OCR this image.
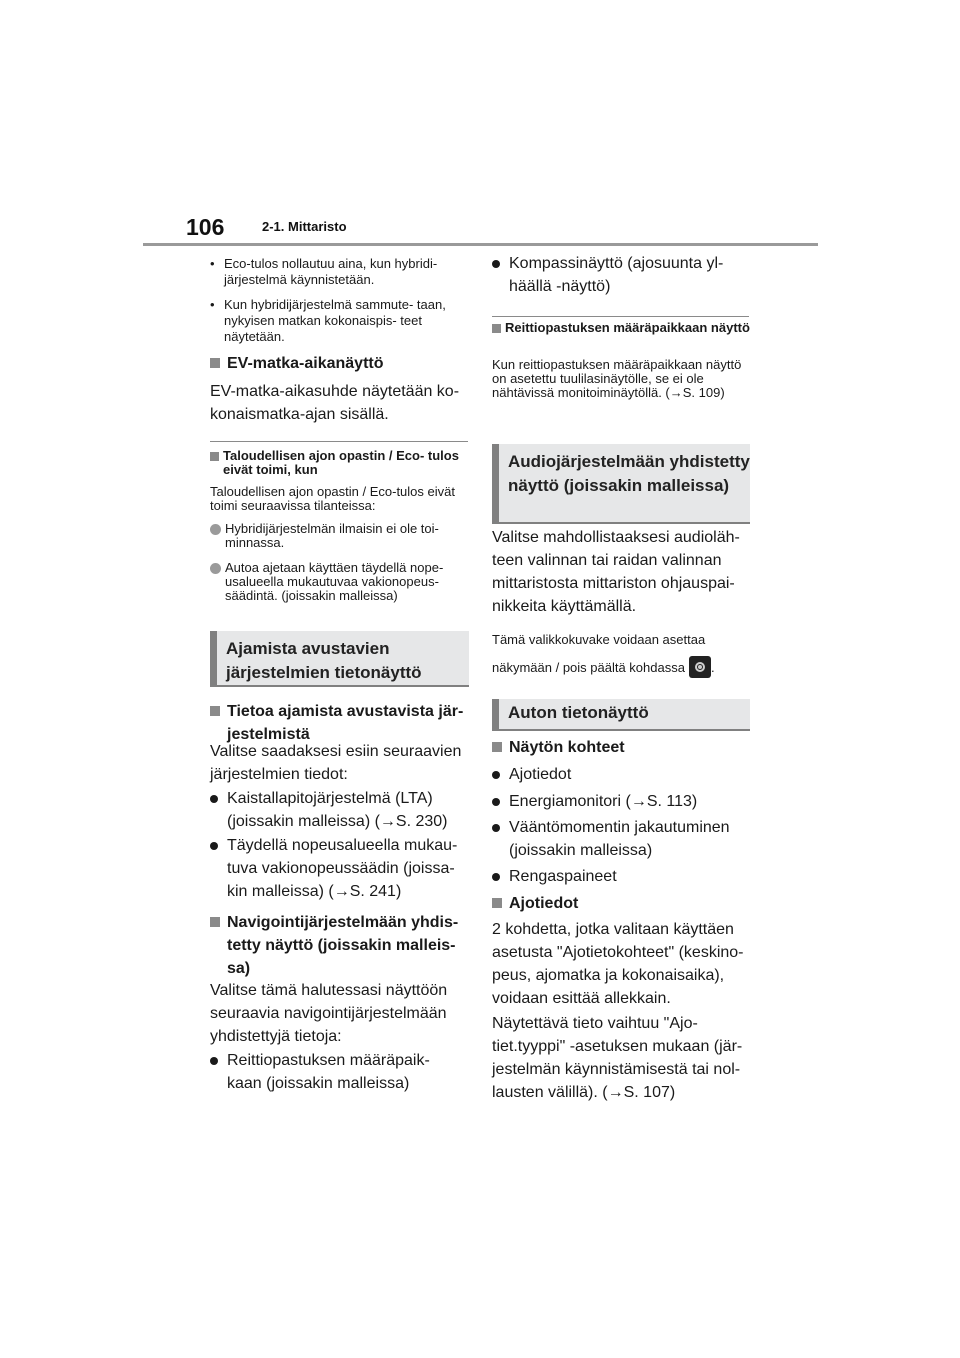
106	2-1. Mittaristo
• Eco-tulos nollautuu aina, kun hybridi- järjestelmä käynnistetään.
• Kun hybridijärjestelmä sammute- taan, nykyisen matkan kokonaispis- teet näytetään.
EV-matka-aikanäyttö
EV-matka-aikasuhde näytetään ko- konaismatka-ajan sisällä.
Taloudellisen ajon opastin / Eco- tulos eivät toimi, kun
Taloudellisen ajon opastin / Eco-tulos eivät toimi seuraavissa tilanteissa:
Hybridijärjestelmän ilmaisin ei ole toi- minnassa.
Autoa ajetaan käyttäen täydellä nope- usalueella mukautuvaa vakionopeus- säädintä. (joissakin malleissa)
Ajamista avustavien järjestelmien tietonäyttö
Tietoa ajamista avustavista jär- jestelmistä
Valitse saadaksesi esiin seuraavien järjestelmien tiedot:
Kaistallapitojärjestelmä (LTA) (joissakin malleissa) (→S. 230)
Täydellä nopeusalueella mukau- tuva vakionopeussäädin (joissa- kin malleissa) (→S. 241)
Navigointijärjestelmään yhdis- tetty näyttö (joissakin malleis- sa)
Valitse tämä halutessasi näyttöön seuraavia navigointijärjestelmään yhdistettyjä tietoja:
Reittiopastuksen määräpaik- kaan (joissakin malleissa)
Kompassinäyttö (ajosuunta yl- häällä -näyttö)
Reittiopastuksen määräpaikkaan näyttö
Kun reittiopastuksen määräpaikkaan näyttö on asetettu tuulilasinäytölle, se ei ole nähtävissä monitoiminäytöllä. (→S. 109)
Audiojärjestelmään yhdistetty näyttö (joissakin malleissa)
Valitse mahdollistaaksesi audioläh- teen valinnan tai raidan valinnan mittaristosta mittariston ohjauspai- nikkeita käyttämällä.
Tämä valikkokuvake voidaan asettaa näkymään / pois päältä kohdassa .
Auton tietonäyttö
Näytön kohteet
Ajotiedot
Energiamonitori (→S. 113)
Vääntömomentin jakautuminen (joissakin malleissa)
Rengaspaineet
Ajotiedot
2 kohdetta, jotka valitaan käyttäen asetusta "Ajotietokohteet" (keskino- peus, ajomatka ja kokonaisaika), voidaan esittää allekkain.
Näytettävä tieto vaihtuu "Ajo- tiet.tyyppi" -asetuksen mukaan (jär- jestelmän käynnistämisestä tai nol- lausten välillä). (→S. 107)
